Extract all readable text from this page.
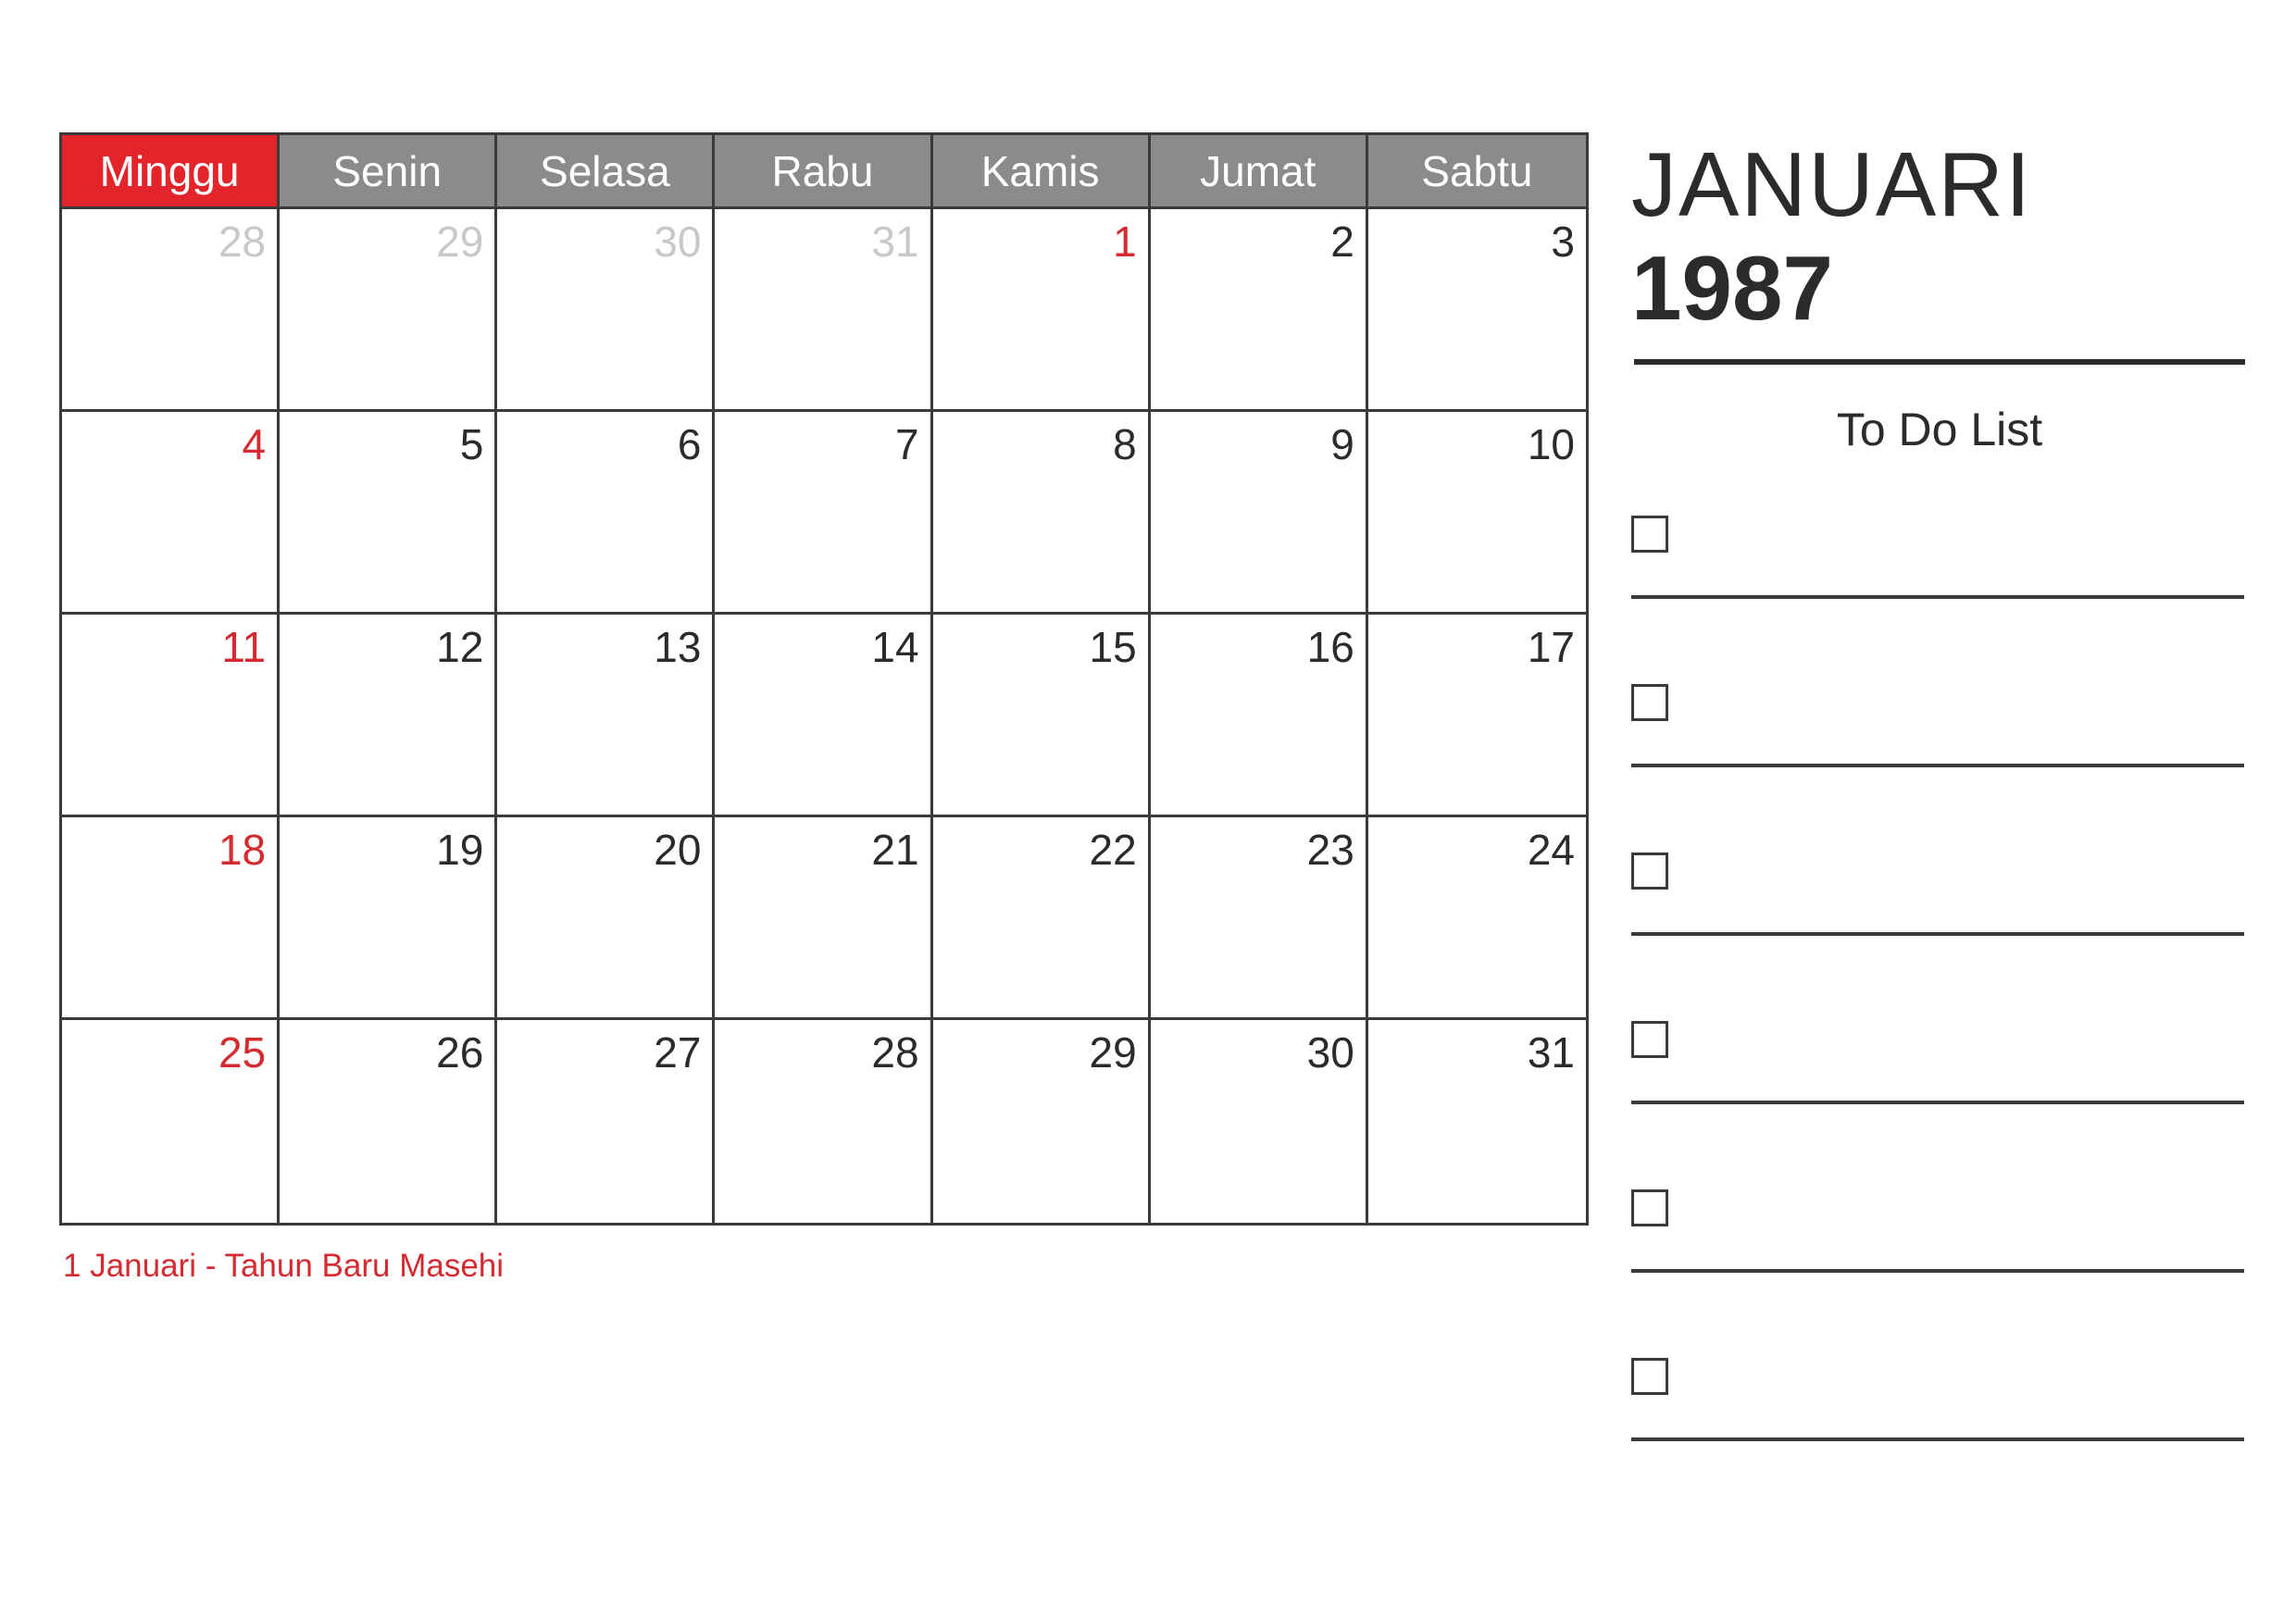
Minggu	Senin	Selasa	Rabu	Kamis	Jumat	Sabtu
28	29	30	31	1	2	3
4	5	6	7	8	9	10
11	12	13	14	15	16	17
18	19	20	21	22	23	24
25	26	27	28	29	30	31
1 Januari - Tahun Baru Masehi
JANUARI
1987
To Do List
